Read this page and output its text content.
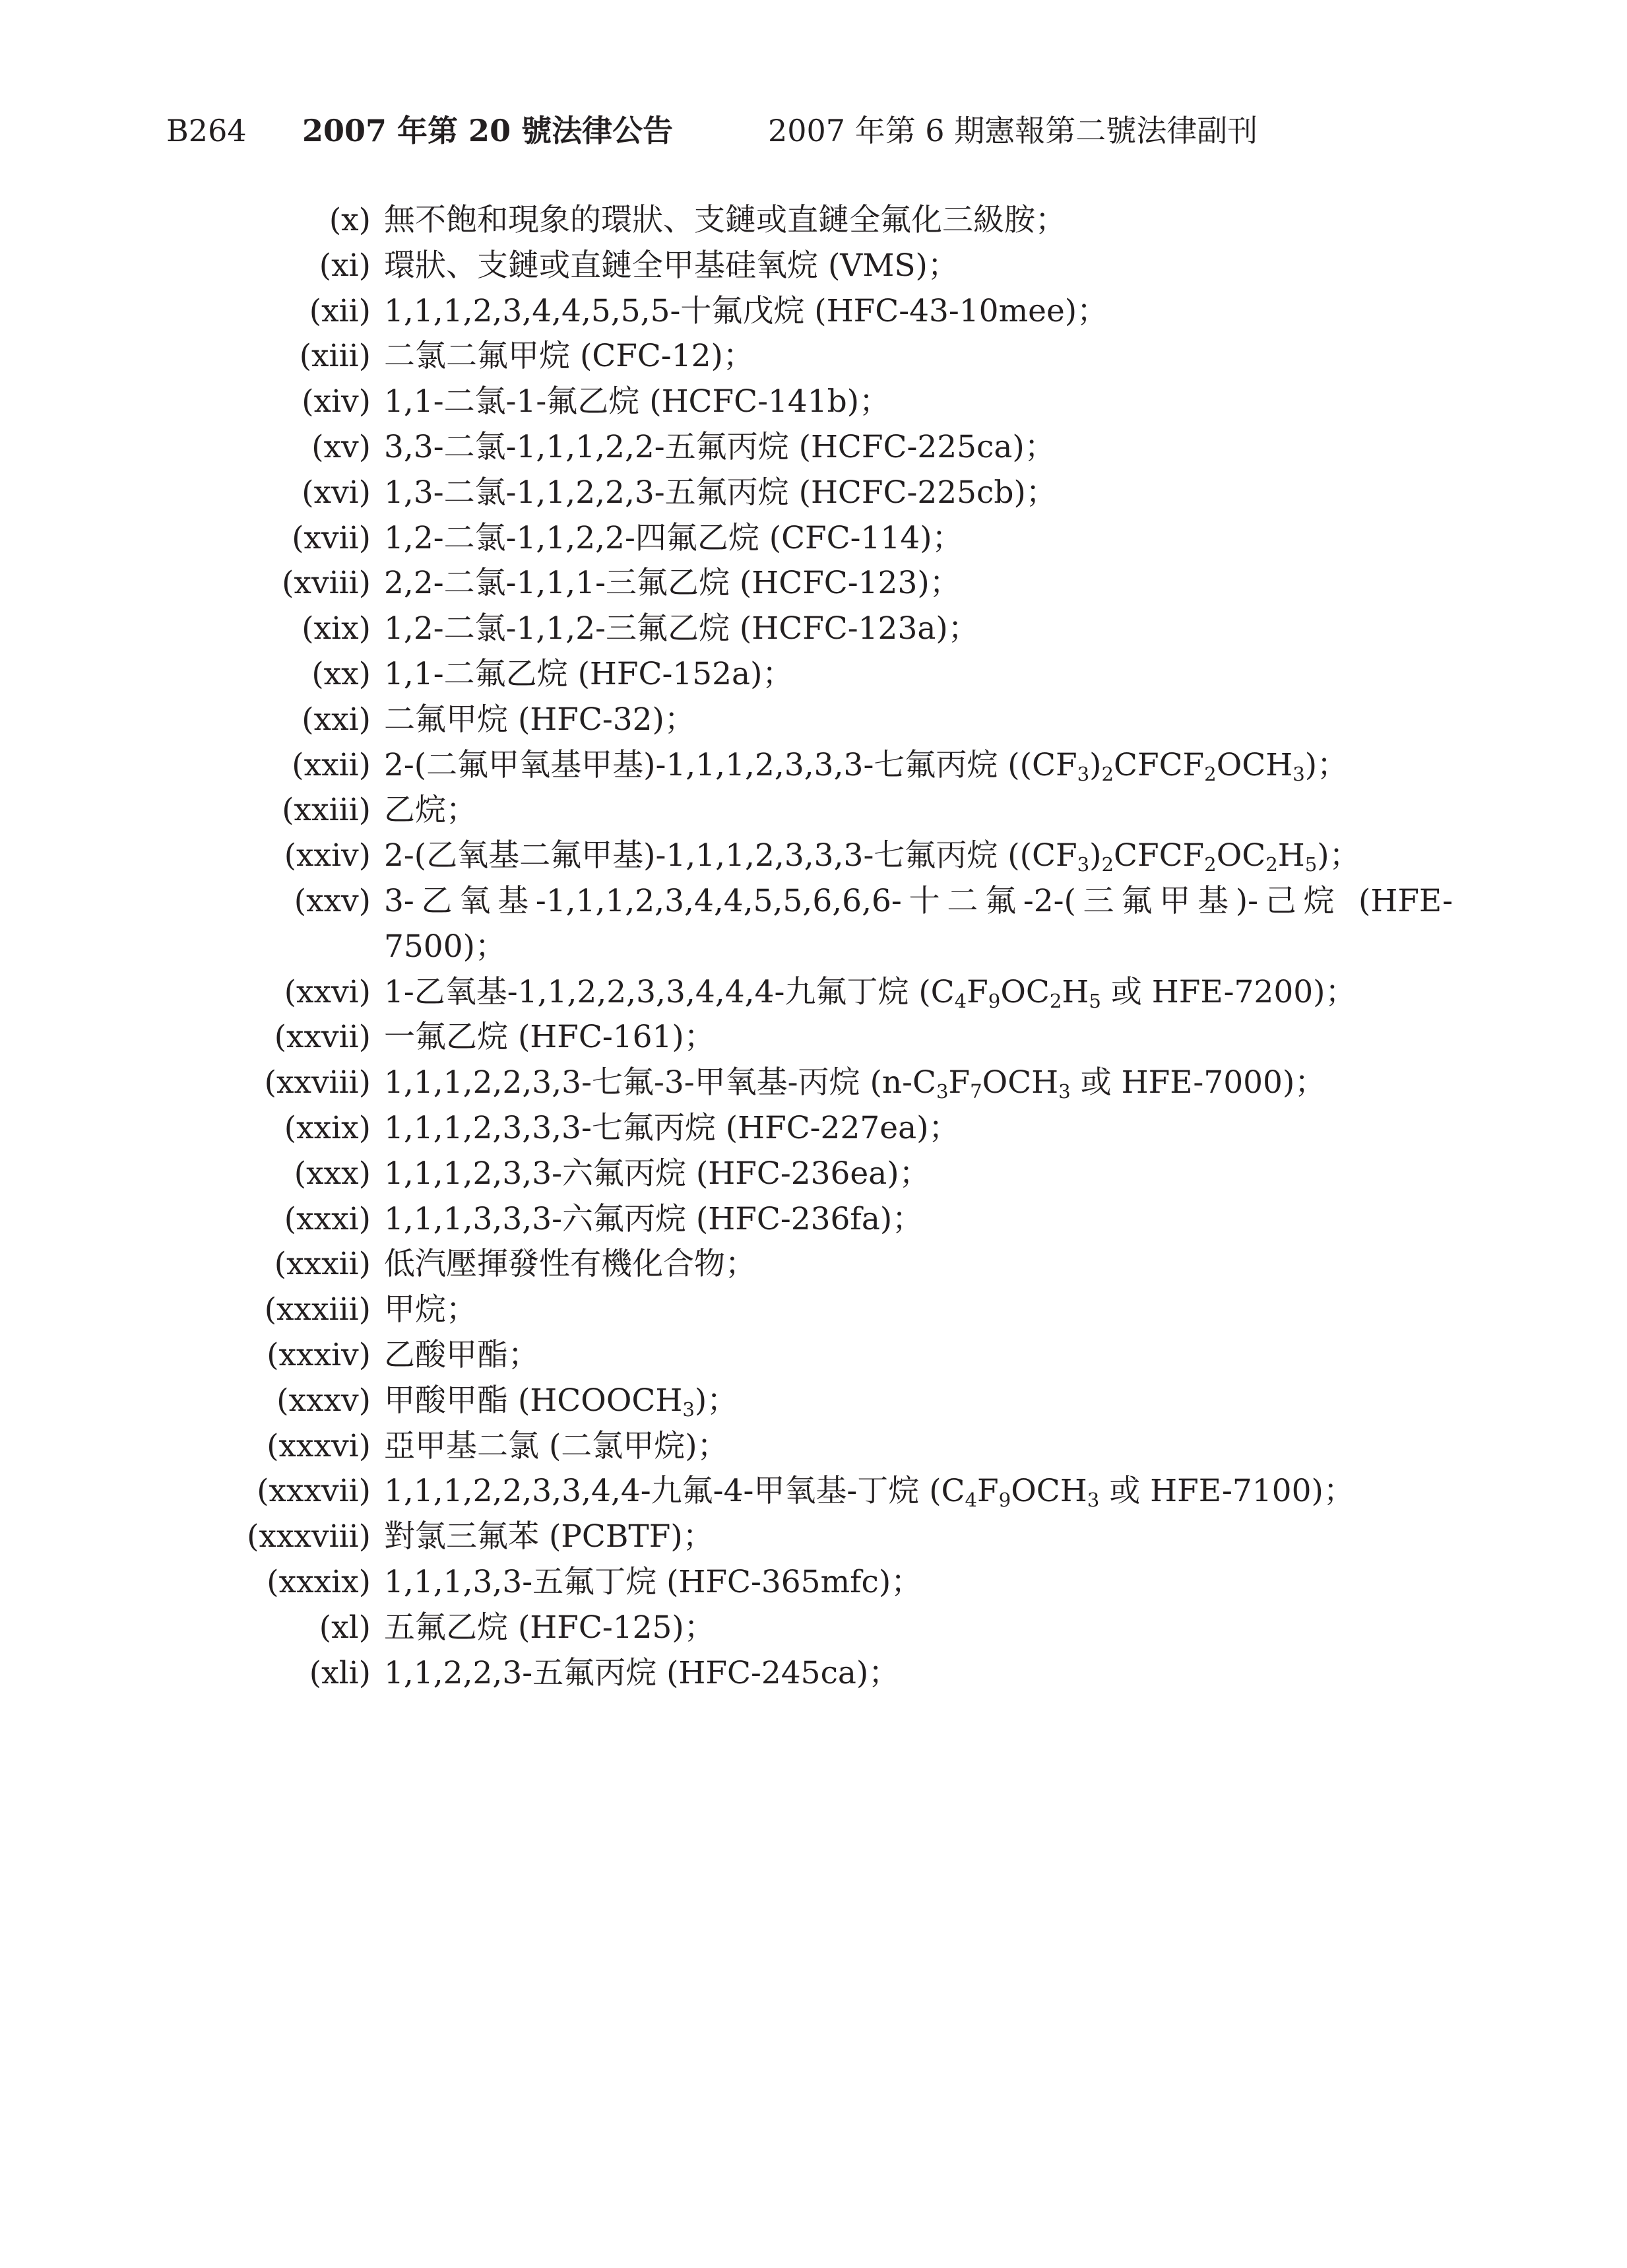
B264 2007 年第 20 號法律公告	2007 年第 6 期憲報第二號法律副刊
(x) 無不飽和現象的環狀、支鏈或直鏈全氟化三級胺；
(xi) 環狀、支鏈或直鏈全甲基硅氧烷 (VMS)；
(xii) 1,1,1,2,3,4,4,5,5,5-十氟戊烷 (HFC-43-10mee)；
(xiii) 二氯二氟甲烷 (CFC-12)；
(xiv) 1,1-二氯-1-氟乙烷 (HCFC-141b)；
(xv) 3,3-二氯-1,1,1,2,2-五氟丙烷 (HCFC-225ca)；
(xvi) 1,3-二氯-1,1,2,2,3-五氟丙烷 (HCFC-225cb)；
(xvii) 1,2-二氯-1,1,2,2-四氟乙烷 (CFC-114)；
(xviii) 2,2-二氯-1,1,1-三氟乙烷 (HCFC-123)；
(xix) 1,2-二氯-1,1,2-三氟乙烷 (HCFC-123a)；
(xx) 1,1-二氟乙烷 (HFC-152a)；
(xxi) 二氟甲烷 (HFC-32)；
(xxii) 2-(二氟甲氧基甲基)-1,1,1,2,3,3,3-七氟丙烷 $((CF_3)_2CFCF_2OCH_3)$；
(xxiii) 乙烷；
(xxiv) 2-(乙氧基二氟甲基)-1,1,1,2,3,3,3-七氟丙烷 $((CF_3)_2CFCF_2OC_2H_5)$；
(xxv) 3-乙氧基-1,1,1,2,3,4,4,5,5,6,6,6-十二氟-2-(三氟甲基)-己烷 (HFE-7500)；
(xxvi) 1-乙氧基-1,1,2,2,3,3,4,4,4-九氟丁烷 ($C_4F_9OC_2H_5$ 或 HFE-7200)；
(xxvii) 一氟乙烷 (HFC-161)；
(xxviii) 1,1,1,2,2,3,3-七氟-3-甲氧基-丙烷 ($n-C_3F_7OCH_3$ 或 HFE-7000)；
(xxix) 1,1,1,2,3,3,3-七氟丙烷 (HFC-227ea)；
(xxx) 1,1,1,2,3,3-六氟丙烷 (HFC-236ea)；
(xxxi) 1,1,1,3,3,3-六氟丙烷 (HFC-236fa)；
(xxxii) 低汽壓揮發性有機化合物；
(xxxiii) 甲烷；
(xxxiv) 乙酸甲酯；
(xxxv) 甲酸甲酯 $(HCOOCH_3)$；
(xxxvi) 亞甲基二氯 (二氯甲烷)；
(xxxvii) 1,1,1,2,2,3,3,4,4-九氟-4-甲氧基-丁烷 ($C_4F_9OCH_3$ 或 HFE-7100)；
(xxxviii) 對氯三氟苯 (PCBTF)；
(xxxix) 1,1,1,3,3-五氟丁烷 (HFC-365mfc)；
(xl) 五氟乙烷 (HFC-125)；
(xli) 1,1,2,2,3-五氟丙烷 (HFC-245ca)；
